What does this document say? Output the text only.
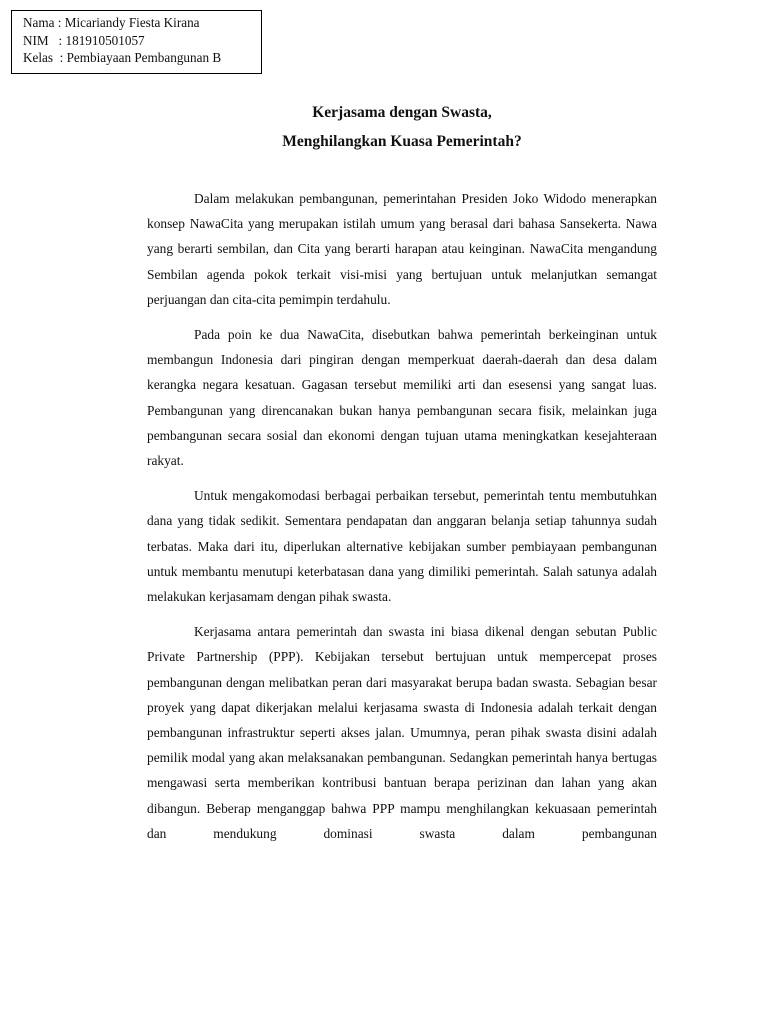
Nama : Micariandy Fiesta Kirana
NIM   : 181910501057
Kelas  : Pembiayaan Pembangunan B
Kerjasama dengan Swasta,
Menghilangkan Kuasa Pemerintah?

Dalam melakukan pembangunan, pemerintahan Presiden Joko Widodo menerapkan konsep NawaCita yang merupakan istilah umum yang berasal dari bahasa Sansekerta. Nawa yang berarti sembilan, dan Cita yang berarti harapan atau keinginan. NawaCita mengandung Sembilan agenda pokok terkait visi-misi yang bertujuan untuk melanjutkan semangat perjuangan dan cita-cita pemimpin terdahulu.

Pada poin ke dua NawaCita, disebutkan bahwa pemerintah berkeinginan untuk membangun Indonesia dari pingiran dengan memperkuat daerah-daerah dan desa dalam kerangka negara kesatuan. Gagasan tersebut memiliki arti dan esesensi yang sangat luas. Pembangunan yang direncanakan bukan hanya pembangunan secara fisik, melainkan juga pembangunan secara sosial dan ekonomi dengan tujuan utama meningkatkan kesejahteraan rakyat.

Untuk mengakomodasi berbagai perbaikan tersebut, pemerintah tentu membutuhkan dana yang tidak sedikit. Sementara pendapatan dan anggaran belanja setiap tahunnya sudah terbatas. Maka dari itu, diperlukan alternative kebijakan sumber pembiayaan pembangunan untuk membantu menutupi keterbatasan dana yang dimiliki pemerintah. Salah satunya adalah melakukan kerjasamam dengan pihak swasta.

Kerjasama antara pemerintah dan swasta ini biasa dikenal dengan sebutan Public Private Partnership (PPP). Kebijakan tersebut bertujuan untuk mempercepat proses pembangunan dengan melibatkan peran dari masyarakat berupa badan swasta. Sebagian besar proyek yang dapat dikerjakan melalui kerjasama swasta di Indonesia adalah terkait dengan pembangunan infrastruktur seperti akses jalan. Umumnya, peran pihak swasta disini adalah pemilik modal yang akan melaksanakan pembangunan. Sedangkan pemerintah hanya bertugas mengawasi serta memberikan kontribusi bantuan berapa perizinan dan lahan yang akan dibangun. Beberap menganggap bahwa PPP mampu menghilangkan kekuasaan pemerintah dan mendukung dominasi swasta dalam pembangunan
